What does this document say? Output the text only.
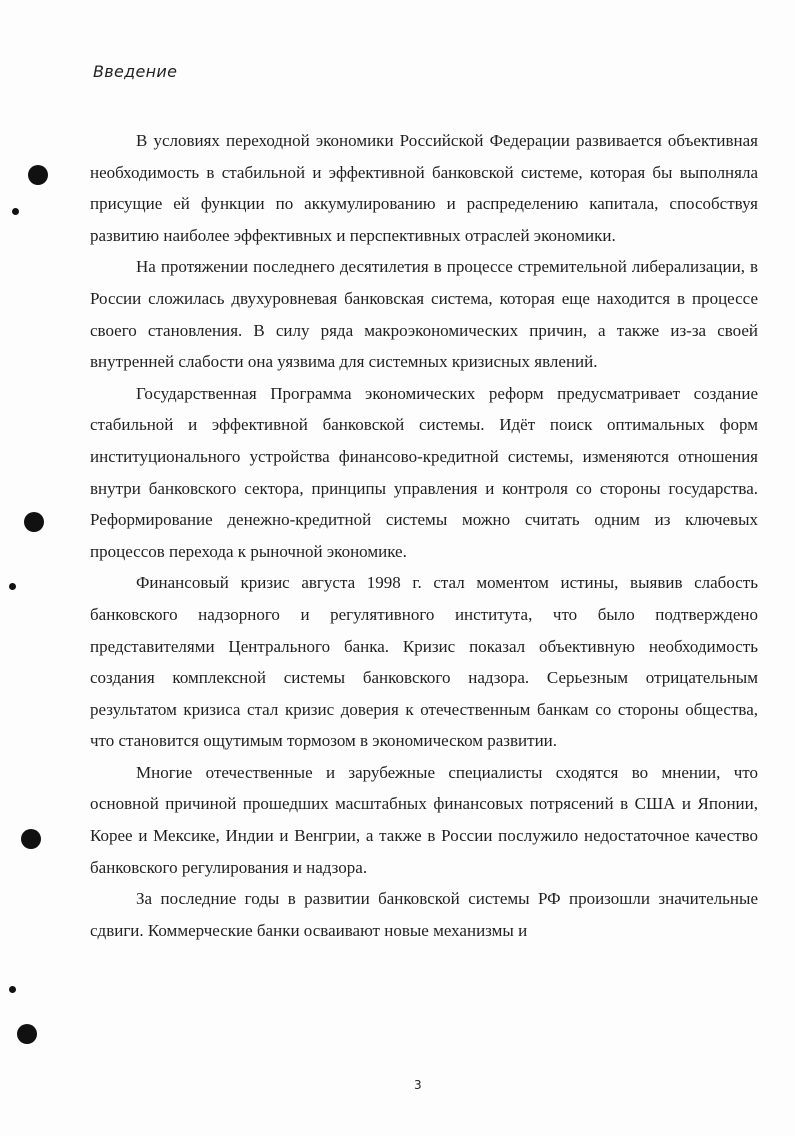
Введение

В условиях переходной экономики Российской Федерации развивается объективная необходимость в стабильной и эффективной банковской системе, которая бы выполняла присущие ей функции по аккумулированию и распределению капитала, способствуя развитию наиболее эффективных и перспективных отраслей экономики.

На протяжении последнего десятилетия в процессе стремительной либерализации, в России сложилась двухуровневая банковская система, которая еще находится в процессе своего становления. В силу ряда макроэкономических причин, а также из-за своей внутренней слабости она уязвима для системных кризисных явлений.

Государственная Программа экономических реформ предусматривает создание стабильной и эффективной банковской системы. Идёт поиск оптимальных форм институционального устройства финансово-кредитной системы, изменяются отношения внутри банковского сектора, принципы управления и контроля со стороны государства. Реформирование денежно-кредитной системы можно считать одним из ключевых процессов перехода к рыночной экономике.

Финансовый кризис августа 1998 г. стал моментом истины, выявив слабость банковского надзорного и регулятивного института, что было подтверждено представителями Центрального банка. Кризис показал объективную необходимость создания комплексной системы банковского надзора. Серьезным отрицательным результатом кризиса стал кризис доверия к отечественным банкам со стороны общества, что становится ощутимым тормозом в экономическом развитии.

Многие отечественные и зарубежные специалисты сходятся во мнении, что основной причиной прошедших масштабных финансовых потрясений в США и Японии, Корее и Мексике, Индии и Венгрии, а также в России послужило недостаточное качество банковского регулирования и надзора.

За последние годы в развитии банковской системы РФ произошли значительные сдвиги. Коммерческие банки осваивают новые механизмы и

3
